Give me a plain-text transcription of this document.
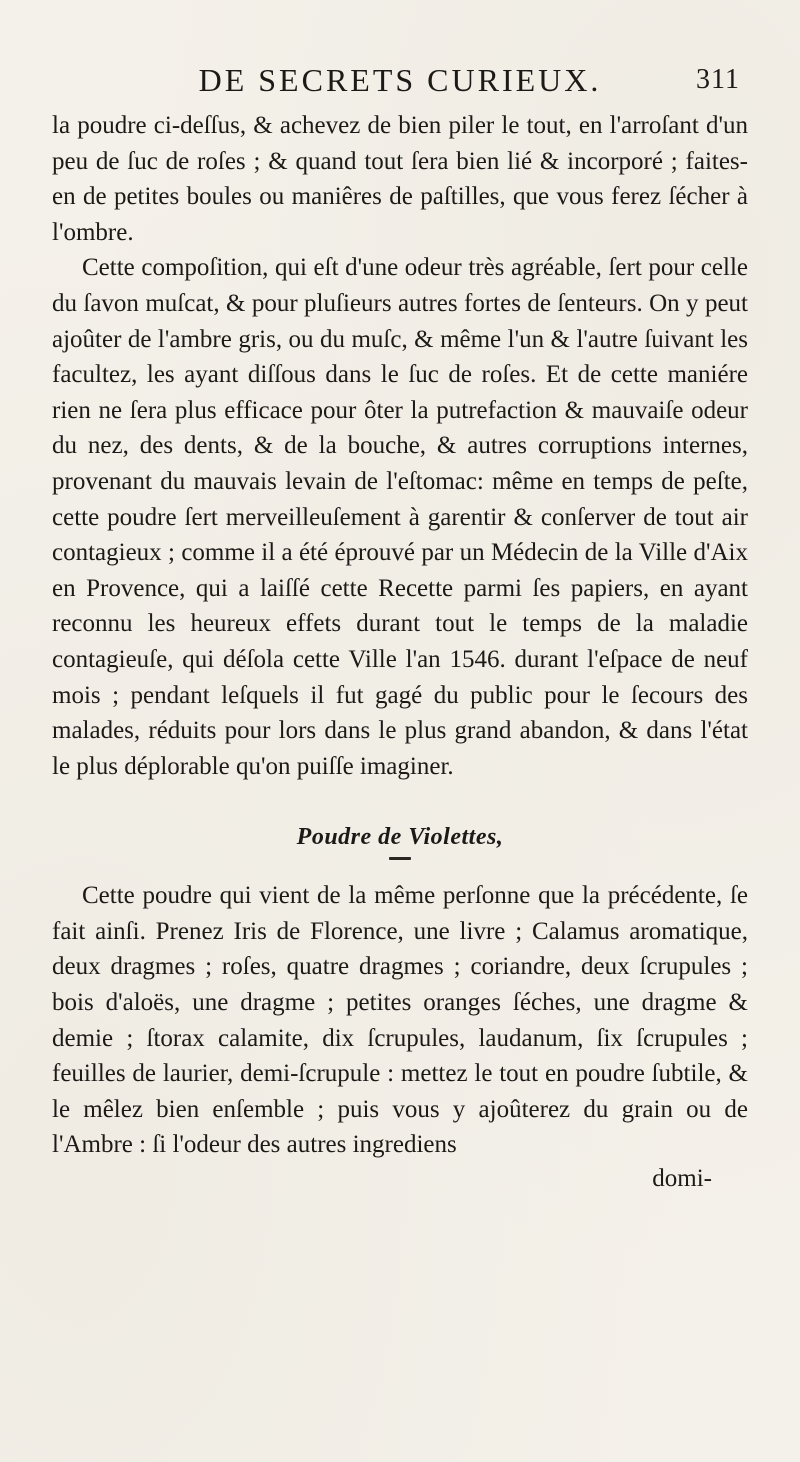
DE SECRETS CURIEUX.	311

la poudre ci-deſſus, & achevez de bien piler le tout, en l'arroſant d'un peu de ſuc de roſes ; & quand tout ſera bien lié & incorporé ; faites-en de petites boules ou maniêres de paſtilles, que vous ferez ſécher à l'ombre.

Cette compoſition, qui eſt d'une odeur très agréable, ſert pour celle du ſavon muſcat, & pour pluſieurs autres fortes de ſenteurs. On y peut ajoûter de l'ambre gris, ou du muſc, & même l'un & l'autre ſuivant les facultez, les ayant diſſous dans le ſuc de roſes. Et de cette maniére rien ne ſera plus efficace pour ôter la putrefaction & mauvaiſe odeur du nez, des dents, & de la bouche, & autres corruptions internes, provenant du mauvais levain de l'eſtomac: même en temps de peſte, cette poudre ſert merveilleuſement à garentir & conſerver de tout air contagieux ; comme il a été éprouvé par un Médecin de la Ville d'Aix en Provence, qui a laiſſé cette Recette parmi ſes papiers, en ayant reconnu les heureux effets durant tout le temps de la maladie contagieuſe, qui déſola cette Ville l'an 1546. durant l'eſpace de neuf mois ; pendant leſquels il fut gagé du public pour le ſecours des malades, réduits pour lors dans le plus grand abandon, & dans l'état le plus déplorable qu'on puiſſe imaginer.

Poudre de Violettes,

Cette poudre qui vient de la même perſonne que la précédente, ſe fait ainſi. Prenez Iris de Florence, une livre ; Calamus aromatique, deux dragmes ; roſes, quatre dragmes ; coriandre, deux ſcrupules ; bois d'aloës, une dragme ; petites oranges ſéches, une dragme & demie ; ſtorax calamite, dix ſcrupules, laudanum, ſix ſcrupules ; feuilles de laurier, demi-ſcrupule : mettez le tout en poudre ſubtile, & le mêlez bien enſemble ; puis vous y ajoûterez du grain ou de l'Ambre : ſi l'odeur des autres ingrediens

domi-
